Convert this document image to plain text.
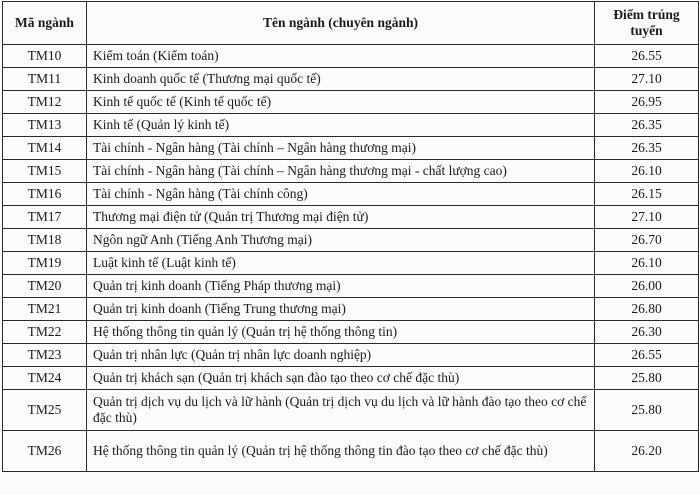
Mã ngành	Tên ngành (chuyên ngành)	Điểm trúng tuyển
TM10	Kiểm toán (Kiểm toán)	26.55
TM11	Kinh doanh quốc tế (Thương mại quốc tế)	27.10
TM12	Kinh tế quốc tế (Kinh tế quốc tế)	26.95
TM13	Kinh tế (Quản lý kinh tế)	26.35
TM14	Tài chính - Ngân hàng (Tài chính – Ngân hàng thương mại)	26.35
TM15	Tài chính - Ngân hàng (Tài chính – Ngân hàng thương mại - chất lượng cao)	26.10
TM16	Tài chính - Ngân hàng (Tài chính công)	26.15
TM17	Thương mại điện tử (Quản trị Thương mại điện tử)	27.10
TM18	Ngôn ngữ Anh (Tiếng Anh Thương mại)	26.70
TM19	Luật kinh tế (Luật kinh tế)	26.10
TM20	Quản trị kinh doanh (Tiếng Pháp thương mại)	26.00
TM21	Quản trị kinh doanh (Tiếng Trung thương mại)	26.80
TM22	Hệ thống thông tin quản lý (Quản trị hệ thống thông tin)	26.30
TM23	Quản trị nhân lực (Quản trị nhân lực doanh nghiệp)	26.55
TM24	Quản trị khách sạn (Quản trị khách sạn đào tạo theo cơ chế đặc thù)	25.80
TM25	Quản trị dịch vụ du lịch và lữ hành (Quản trị dịch vụ du lịch và lữ hành đào tạo theo cơ chế đặc thù)	25.80
TM26	Hệ thống thông tin quản lý (Quản trị hệ thống thông tin đào tạo theo cơ chế đặc thù)	26.20
